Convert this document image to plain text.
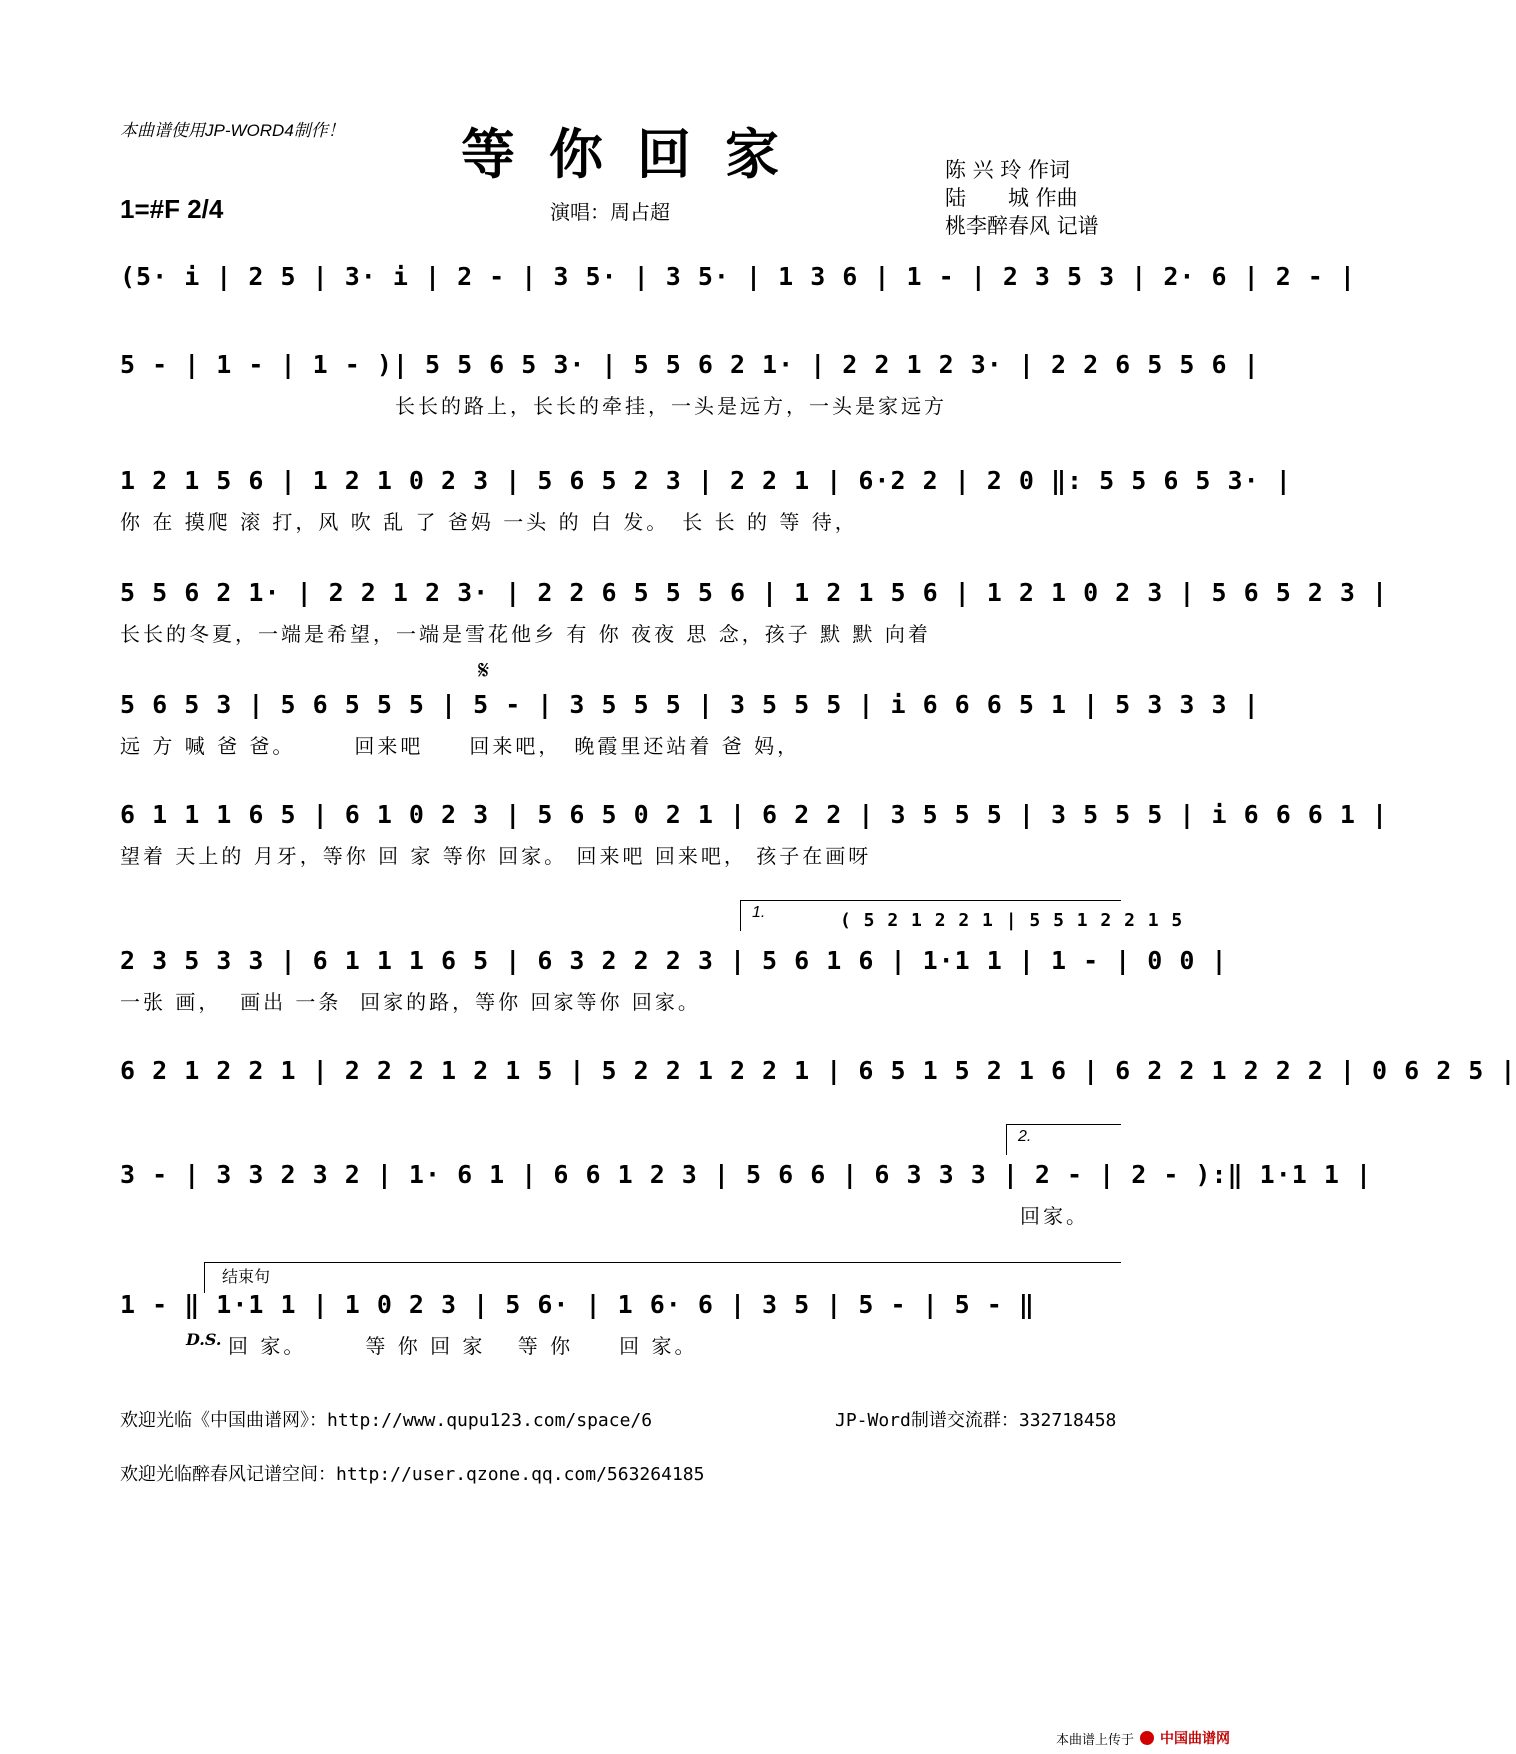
本曲谱使用JP-WORD4制作！	等你回家	陈 兴 玲 作词
陆　　城 作曲
桃李醉春风 记谱
1=#F 2/4	演唱：周占超
(5· i | 2 5 | 3· i | 2 - | 3 5· | 3 5· | 1 3 6 | 1 - | 2 3 5 3 | 2· 6 | 2 - |
5 - | 1 - | 1 - )| 5 5 6 5 3· | 5 5 6 2 1· | 2 2 1 2 3· | 2 2 6 5 5 6 |
长长的路上，长长的牵挂，一头是远方，一头是家远方
1 2 1 5 6 | 1 2 1 0 2 3 | 5 6 5 2 3 | 2 2 1 | 6·2 2 | 2 0 ‖: 5 5 6 5 3· |
你 在 摸爬 滚 打，风 吹 乱 了 爸妈 一头 的 白 发。　长 长 的 等 待，
5 5 6 2 1· | 2 2 1 2 3· | 2 2 6 5 5 5 6 | 1 2 1 5 6 | 1 2 1 0 2 3 | 5 6 5 2 3 |
长长的冬夏，一端是希望，一端是雪花他乡 有 你 夜夜 思 念，孩子 默 默 向着
𝄋
5 6 5 3 | 5 6 5 5 5 | 5 - | 3 5 5 5 | 3 5 5 5 | i 6 6 6 5 1 | 5 3 3 3 |
远 方 喊 爸 爸。　　　回来吧　　回来吧，　晚霞里还站着 爸 妈，
6 1 1 1 6 5 | 6 1 0 2 3 | 5 6 5 0 2 1 | 6 2 2 | 3 5 5 5 | 3 5 5 5 | i 6 6 6 1 |
望着 天上的 月牙，等你 回 家 等你 回家。 回来吧 回来吧， 孩子在画呀
1.	( 5 2 1 2 2 1 | 5 5 1 2 2 1 5
2 3 5 3 3 | 6 1 1 1 6 5 | 6 3 2 2 2 3 | 5 6 1 6 | 1·1 1 | 1 - | 0 0 |
一张 画，  画出 一条  回家的路，等你 回家等你 回家。
6 2 1 2 2 1 | 2 2 2 1 2 1 5 | 5 2 2 1 2 2 1 | 6 5 1 5 2 1 6 | 6 2 2 1 2 2 2 | 0 6 2 5 |
2.
3 - | 3 3 2 3 2 | 1· 6 1 | 6 6 1 2 3 | 5 6 6 | 6 3 3 3 | 2 - | 2 - ):‖ 1·1 1 |
回家。
结束句
1 - ‖ 1·1 1 | 1 0 2 3 | 5 6· | 1 6· 6 | 3 5 | 5 - | 5 - ‖
D.S. 回 家。　　　等 你 回 家　 等 你　　回 家。
欢迎光临《中国曲谱网》：http://www.qupu123.com/space/6	JP-Word制谱交流群：332718458
欢迎光临醉春风记谱空间：http://user.qzone.qq.com/563264185
本曲谱上传于 中国曲谱网
